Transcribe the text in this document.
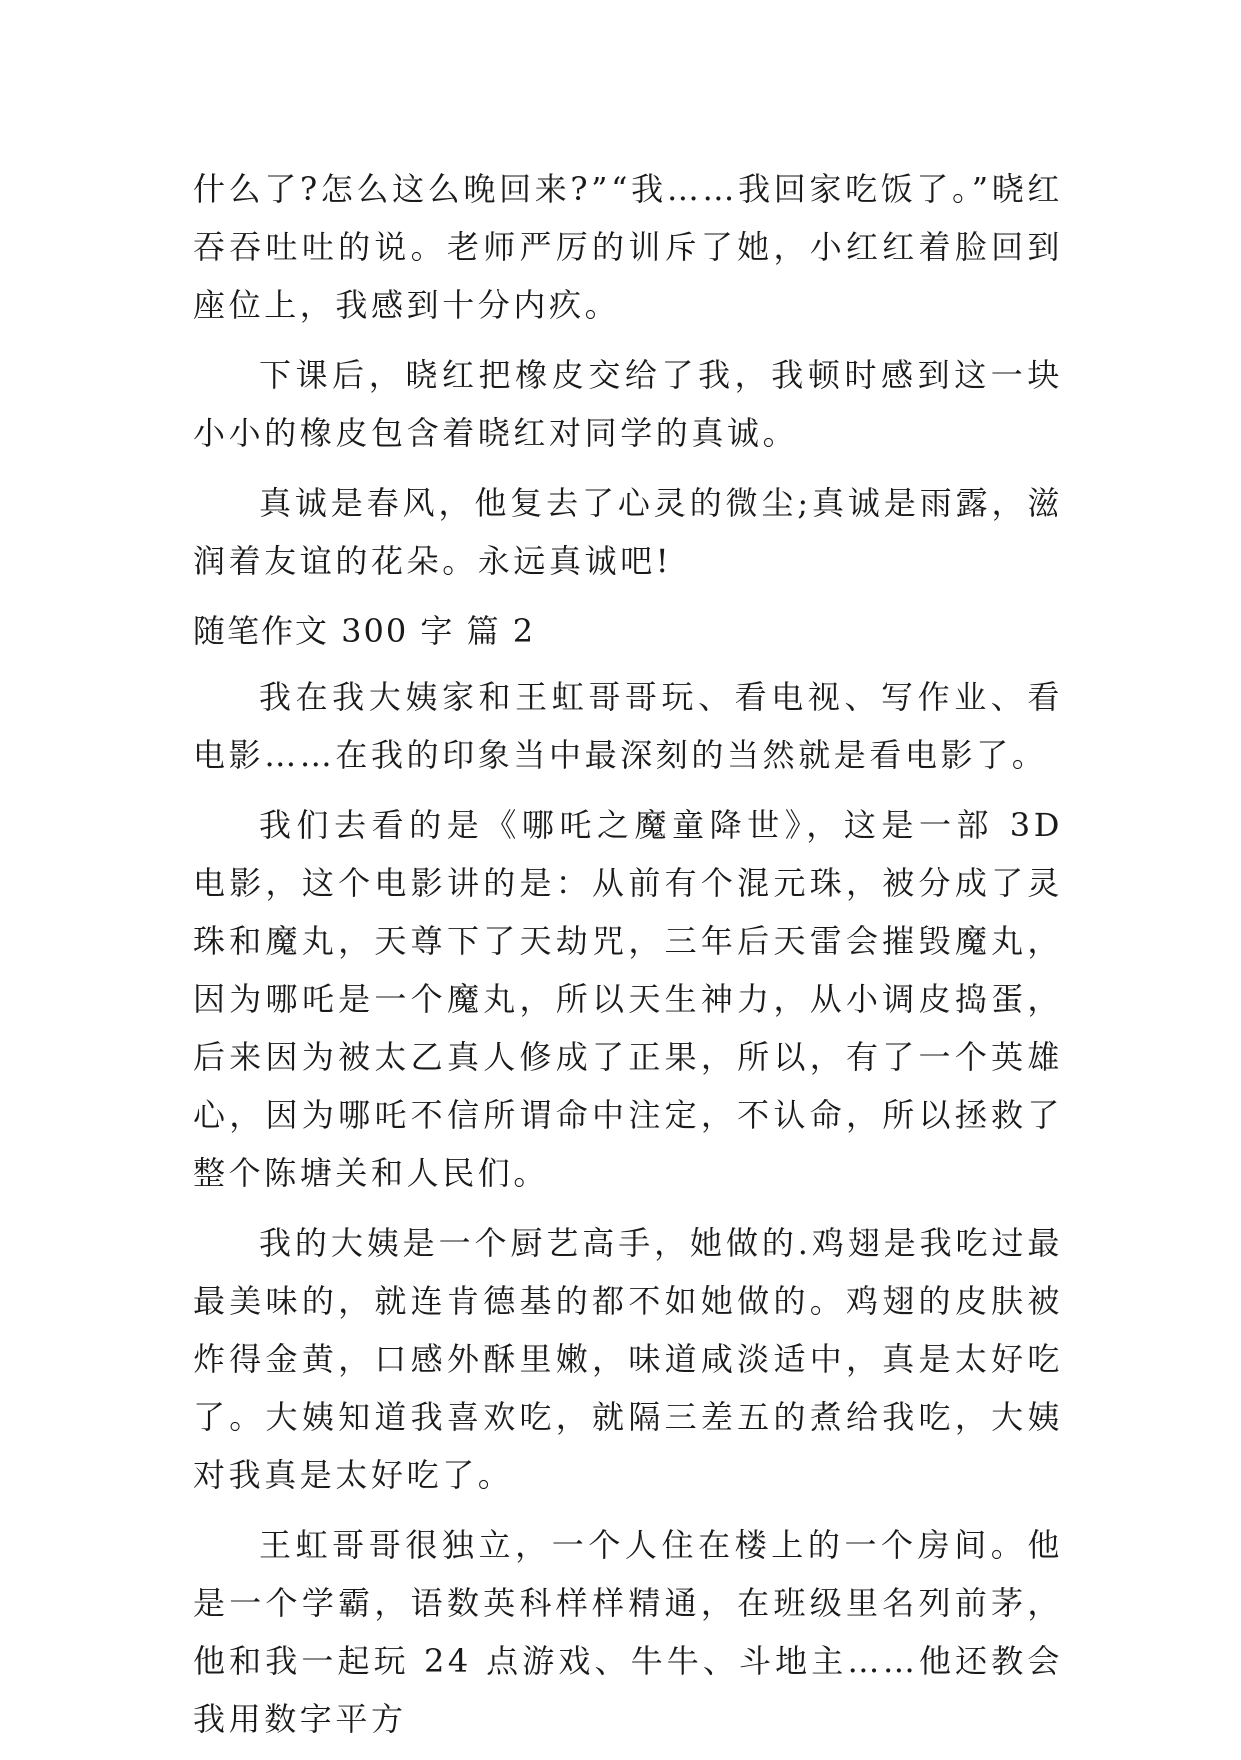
什么了?怎么这么晚回来?”“我……我回家吃饭了。”晓红吞吞吐吐的说。老师严厉的训斥了她，小红红着脸回到座位上，我感到十分内疚。

下课后，晓红把橡皮交给了我，我顿时感到这一块小小的橡皮包含着晓红对同学的真诚。

真诚是春风，他复去了心灵的微尘;真诚是雨露，滋润着友谊的花朵。永远真诚吧!

随笔作文 300 字 篇 2

我在我大姨家和王虹哥哥玩、看电视、写作业、看电影……在我的印象当中最深刻的当然就是看电影了。

我们去看的是《哪吒之魔童降世》，这是一部 3D 电影，这个电影讲的是：从前有个混元珠，被分成了灵珠和魔丸，天尊下了天劫咒，三年后天雷会摧毁魔丸，因为哪吒是一个魔丸，所以天生神力，从小调皮捣蛋，后来因为被太乙真人修成了正果，所以，有了一个英雄心，因为哪吒不信所谓命中注定，不认命，所以拯救了整个陈塘关和人民们。

我的大姨是一个厨艺高手，她做的.鸡翅是我吃过最最美味的，就连肯德基的都不如她做的。鸡翅的皮肤被炸得金黄，口感外酥里嫩，味道咸淡适中，真是太好吃了。大姨知道我喜欢吃，就隔三差五的煮给我吃，大姨对我真是太好吃了。

王虹哥哥很独立，一个人住在楼上的一个房间。他是一个学霸，语数英科样样精通，在班级里名列前茅，他和我一起玩 24 点游戏、牛牛、斗地主……他还教会我用数字平方
